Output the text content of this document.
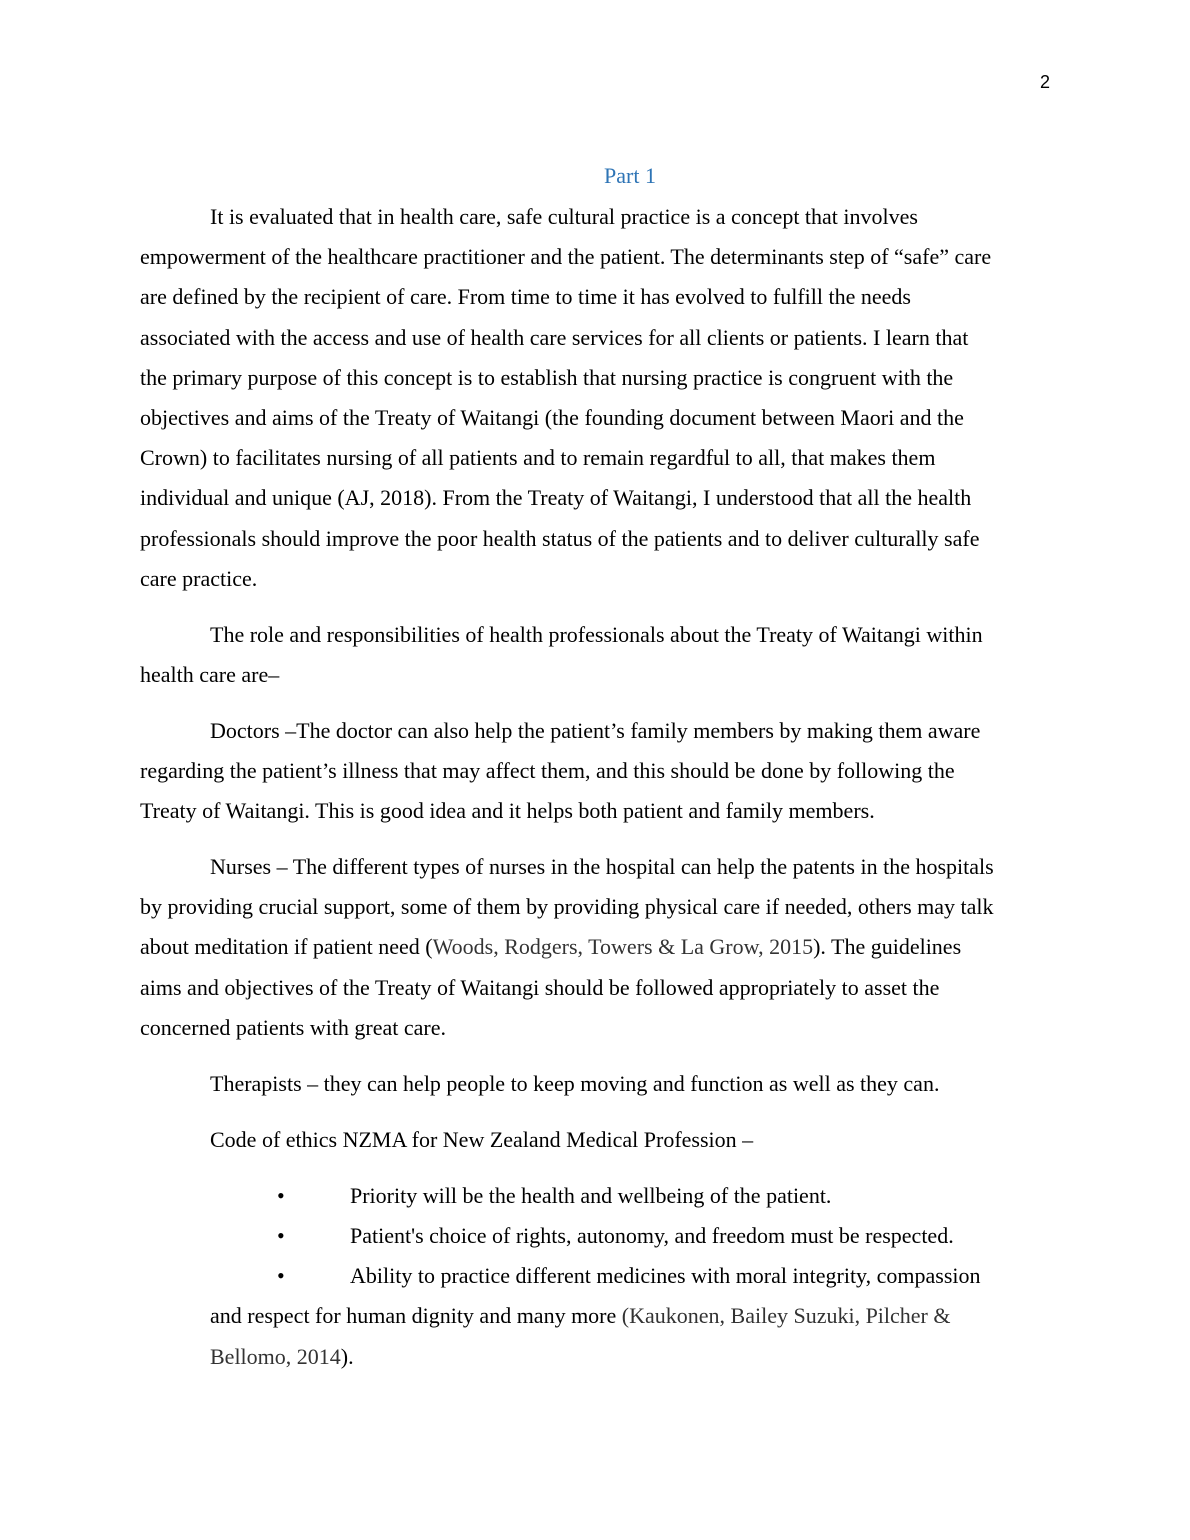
2
Part 1

It is evaluated that in health care, safe cultural practice is a concept that involves
empowerment of the healthcare practitioner and the patient. The determinants step of “safe” care
are defined by the recipient of care. From time to time it has evolved to fulfill the needs
associated with the access and use of health care services for all clients or patients. I learn that
the primary purpose of this concept is to establish that nursing practice is congruent with the
objectives and aims of the Treaty of Waitangi (the founding document between Maori and the
Crown) to facilitates nursing of all patients and to remain regardful to all, that makes them
individual and unique (AJ, 2018). From the Treaty of Waitangi, I understood that all the health
professionals should improve the poor health status of the patients and to deliver culturally safe
care practice.

The role and responsibilities of health professionals about the Treaty of Waitangi within
health care are–

Doctors –The doctor can also help the patient’s family members by making them aware
regarding the patient’s illness that may affect them, and this should be done by following the
Treaty of Waitangi. This is good idea and it helps both patient and family members.

Nurses – The different types of nurses in the hospital can help the patents in the hospitals
by providing crucial support, some of them by providing physical care if needed, others may talk
about meditation if patient need (Woods, Rodgers, Towers & La Grow, 2015). The guidelines
aims and objectives of the Treaty of Waitangi should be followed appropriately to asset the
concerned patients with great care.

Therapists – they can help people to keep moving and function as well as they can.

Code of ethics NZMA for New Zealand Medical Profession –

•	Priority will be the health and wellbeing of the patient.
•	Patient's choice of rights, autonomy, and freedom must be respected.
•	Ability to practice different medicines with moral integrity, compassion
and respect for human dignity and many more (Kaukonen, Bailey Suzuki, Pilcher &
Bellomo, 2014).
